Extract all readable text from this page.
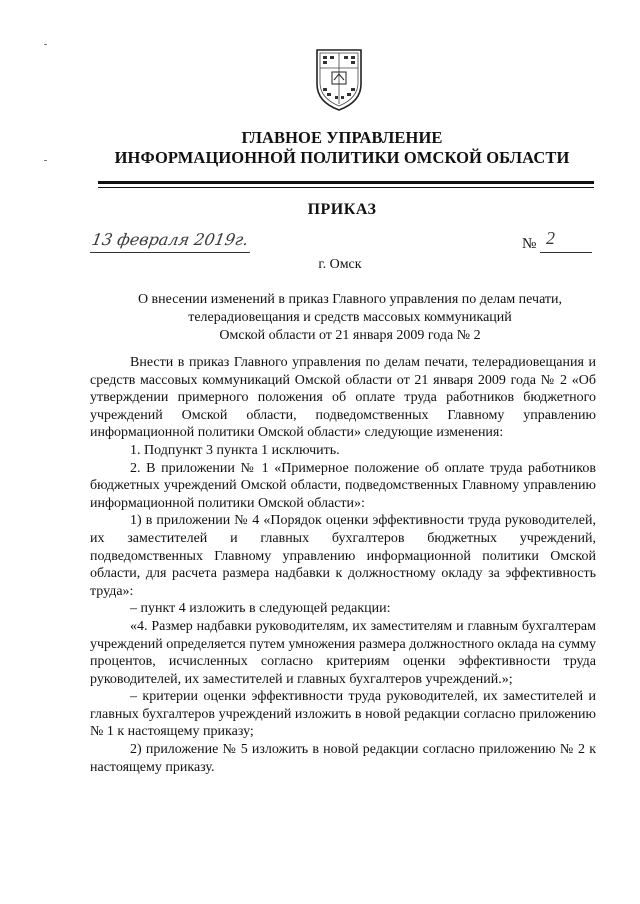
ГЛАВНОЕ УПРАВЛЕНИЕ
ИНФОРМАЦИОННОЙ ПОЛИТИКИ ОМСКОЙ ОБЛАСТИ
ПРИКАЗ
13 февраля 2019г.	№ 2
г. Омск
О внесении изменений в приказ Главного управления по делам печати,
телерадиовещания и средств массовых коммуникаций
Омской области от 21 января 2009 года № 2

Внести в приказ Главного управления по делам печати, телерадиовещания и средств массовых коммуникаций Омской области от 21 января 2009 года № 2 «Об утверждении примерного положения об оплате труда работников бюджетного учреждений Омской области, подведомственных Главному управлению информационной политики Омской области» следующие изменения:

1. Подпункт 3 пункта 1 исключить.

2. В приложении № 1 «Примерное положение об оплате труда работников бюджетных учреждений Омской области, подведомственных Главному управлению информационной политики Омской области»:

1) в приложении № 4 «Порядок оценки эффективности труда руководителей, их заместителей и главных бухгалтеров бюджетных учреждений, подведомственных Главному управлению информационной политики Омской области, для расчета размера надбавки к должностному окладу за эффективность труда»:

– пункт 4 изложить в следующей редакции:

«4. Размер надбавки руководителям, их заместителям и главным бухгалтерам учреждений определяется путем умножения размера должностного оклада на сумму процентов, исчисленных согласно критериям оценки эффективности труда руководителей, их заместителей и главных бухгалтеров учреждений.»;

– критерии оценки эффективности труда руководителей, их заместителей и главных бухгалтеров учреждений изложить в новой редакции согласно приложению № 1 к настоящему приказу;

2) приложение № 5 изложить в новой редакции согласно приложению № 2 к настоящему приказу.
